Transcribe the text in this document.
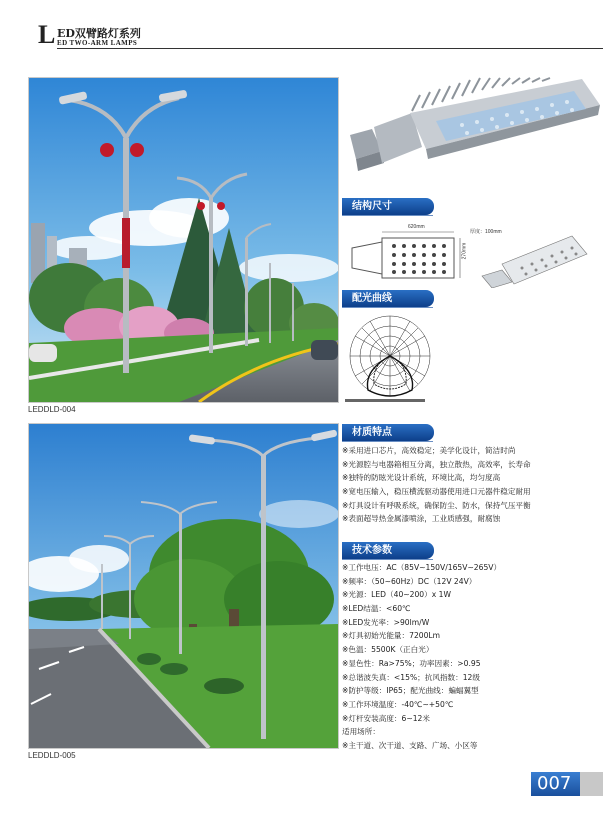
L ED双臂路灯系列
ED TWO-ARM LAMPS
LEDDLD-004
结构尺寸
620mm
270mm
厚度：100mm
配光曲线
LEDDLD-005
材质特点
※采用进口芯片，高效稳定；美学化设计，简洁时尚
※光源腔与电器箱相互分离，独立散热，高效率，长寿命
※独特的防眩光设计系统，环境比高，均匀度高
※宽电压输入，稳压横流驱动器使用进口元器件稳定耐用
※灯具设计有呼吸系统，确保防尘、防水，保持气压平衡
※表面超导热金属漆喷涂，工业质感强，耐腐蚀
技术参数
※工作电压：AC（85V~150V/165V~265V）
※频率：（50~60Hz）DC（12V 24V）
※光源：LED（40~200）x 1W
※LED结温：<60℃
※LED发光率：>90lm/W
※灯具初始光能量：7200Lm
※色温：5500K（正白光）
※显色性：Ra>75%；功率因素：>0.95
※总谐波失真：<15%；抗风指数：12级
※防护等级：IP65；配光曲线：蝙蝠翼型
※工作环境温度：-40℃~+50℃
※灯杆安装高度：6~12米
适用场所：
※主干道、次干道、支路、广场、小区等
007
